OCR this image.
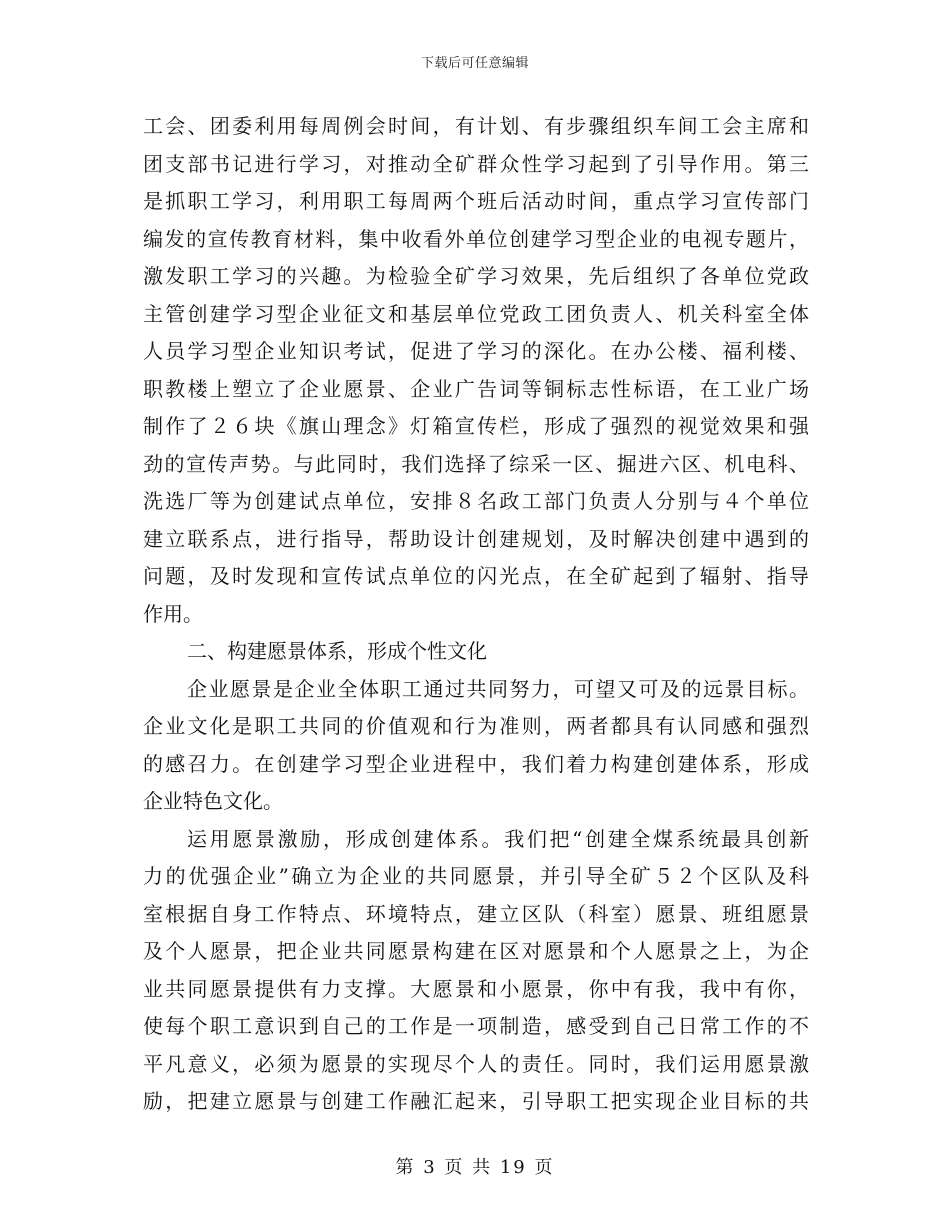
下载后可任意编辑
工会、团委利用每周例会时间，有计划、有步骤组织车间工会主席和
团支部书记进行学习，对推动全矿群众性学习起到了引导作用。第三
是抓职工学习，利用职工每周两个班后活动时间，重点学习宣传部门
编发的宣传教育材料，集中收看外单位创建学习型企业的电视专题片，
激发职工学习的兴趣。为检验全矿学习效果，先后组织了各单位党政
主管创建学习型企业征文和基层单位党政工团负责人、机关科室全体
人员学习型企业知识考试，促进了学习的深化。在办公楼、福利楼、
职教楼上塑立了企业愿景、企业广告词等铜标志性标语，在工业广场
制作了２６块《旗山理念》灯箱宣传栏，形成了强烈的视觉效果和强
劲的宣传声势。与此同时，我们选择了综采一区、掘进六区、机电科、
洗选厂等为创建试点单位，安排８名政工部门负责人分别与４个单位
建立联系点，进行指导，帮助设计创建规划，及时解决创建中遇到的
问题，及时发现和宣传试点单位的闪光点，在全矿起到了辐射、指导
作用。
二、构建愿景体系，形成个性文化
企业愿景是企业全体职工通过共同努力，可望又可及的远景目标。
企业文化是职工共同的价值观和行为准则，两者都具有认同感和强烈
的感召力。在创建学习型企业进程中，我们着力构建创建体系，形成
企业特色文化。
运用愿景激励，形成创建体系。我们把“创建全煤系统最具创新
力的优强企业”确立为企业的共同愿景，并引导全矿５２个区队及科
室根据自身工作特点、环境特点，建立区队（科室）愿景、班组愿景
及个人愿景，把企业共同愿景构建在区对愿景和个人愿景之上，为企
业共同愿景提供有力支撑。大愿景和小愿景，你中有我，我中有你，
使每个职工意识到自己的工作是一项制造，感受到自己日常工作的不
平凡意义，必须为愿景的实现尽个人的责任。同时，我们运用愿景激
励，把建立愿景与创建工作融汇起来，引导职工把实现企业目标的共
第 3 页 共 19 页
